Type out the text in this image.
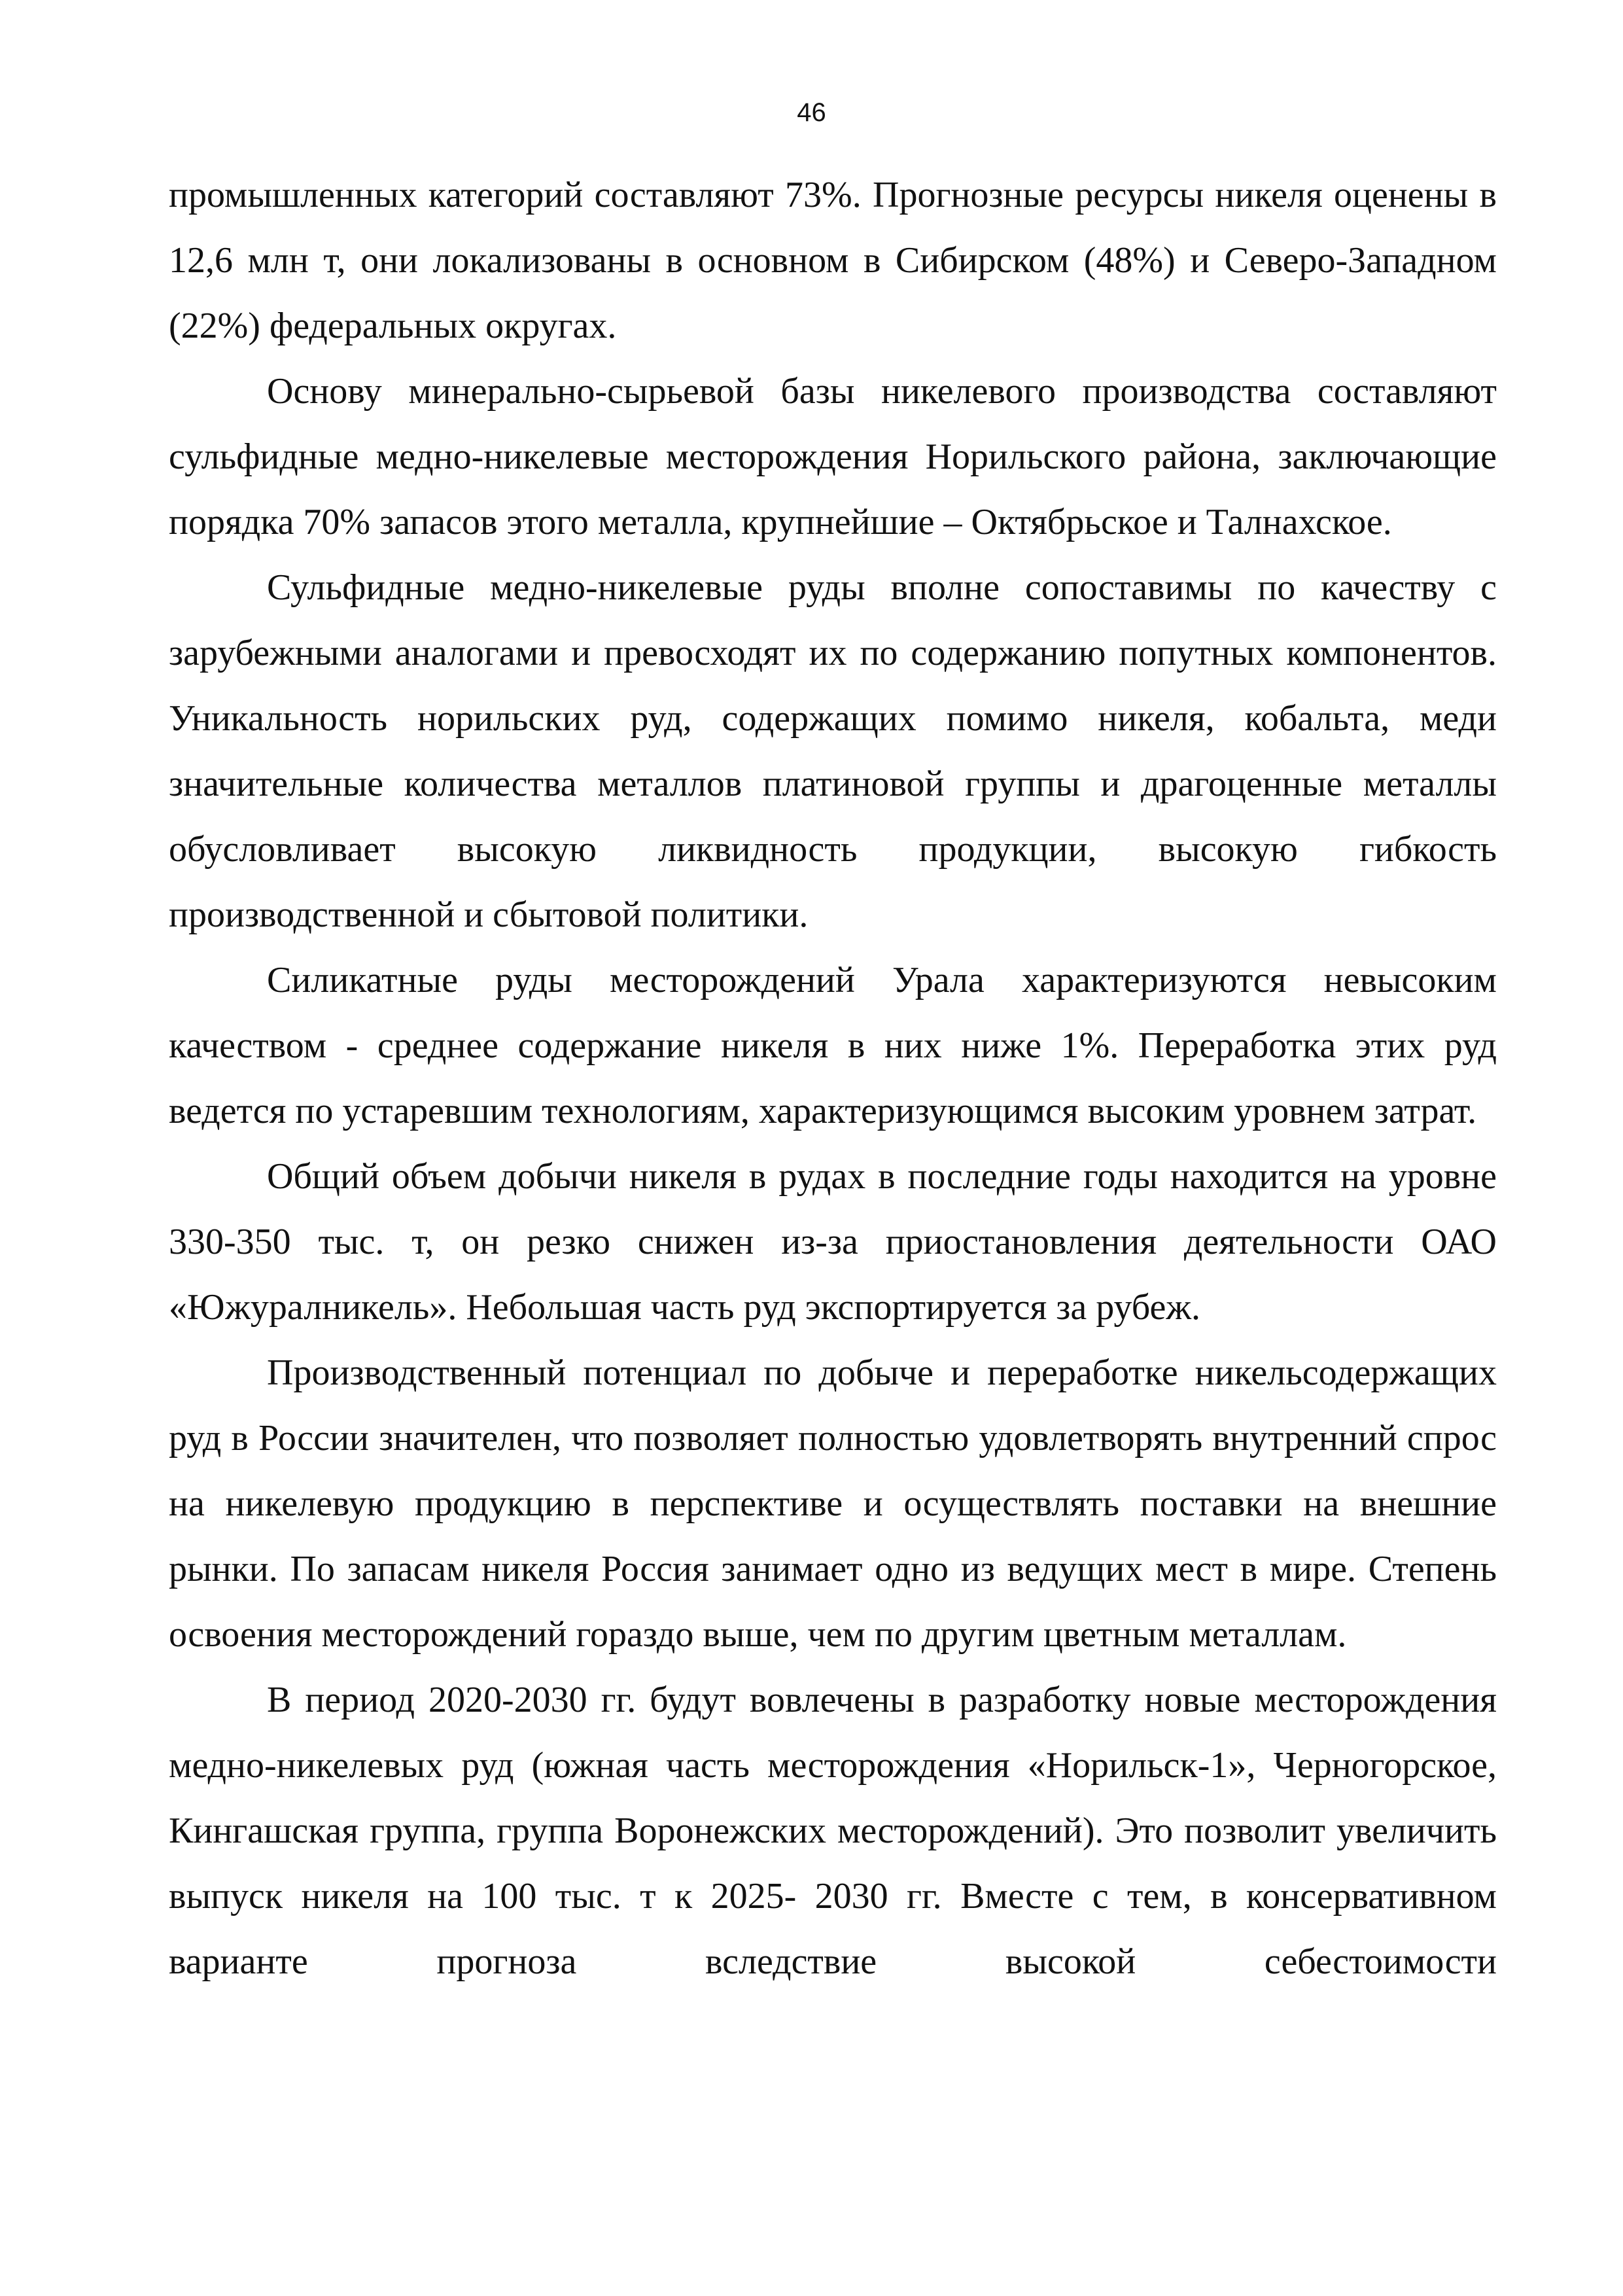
46

промышленных категорий составляют 73%. Прогнозные ресурсы никеля оценены в 12,6 млн т, они локализованы в основном в Сибирском (48%) и Северо-Западном (22%) федеральных округах.

Основу минерально-сырьевой базы никелевого производства составляют сульфидные медно-никелевые месторождения Норильского района, заключающие порядка 70% запасов этого металла, крупнейшие – Октябрьское и Талнахское.

Сульфидные медно-никелевые руды вполне сопоставимы по качеству с зарубежными аналогами и превосходят их по содержанию попутных компонентов. Уникальность норильских руд, содержащих помимо никеля, кобальта, меди значительные количества металлов платиновой группы и драгоценные металлы обусловливает высокую ликвидность продукции, высокую гибкость производственной и сбытовой политики.

Силикатные руды месторождений Урала характеризуются невысоким качеством - среднее содержание никеля в них ниже 1%. Переработка этих руд ведется по устаревшим технологиям, характеризующимся высоким уровнем затрат.

Общий объем добычи никеля в рудах в последние годы находится на уровне 330-350 тыс. т, он резко снижен из-за приостановления деятельности ОАО «Южуралникель». Небольшая часть руд экспортируется за рубеж.

Производственный потенциал по добыче и переработке никельсодержащих руд в России значителен, что позволяет полностью удовлетворять внутренний спрос на никелевую продукцию в перспективе и осуществлять поставки на внешние рынки. По запасам никеля Россия занимает одно из ведущих мест в мире. Степень освоения месторождений гораздо выше, чем по другим цветным металлам.

В период 2020-2030 гг. будут вовлечены в разработку новые месторождения медно-никелевых руд (южная часть месторождения «Норильск-1», Черногорское, Кингашская группа, группа Воронежских месторождений). Это позволит увеличить выпуск никеля на 100 тыс. т к 2025- 2030 гг. Вместе с тем, в консервативном варианте прогноза вследствие высокой себестоимости
